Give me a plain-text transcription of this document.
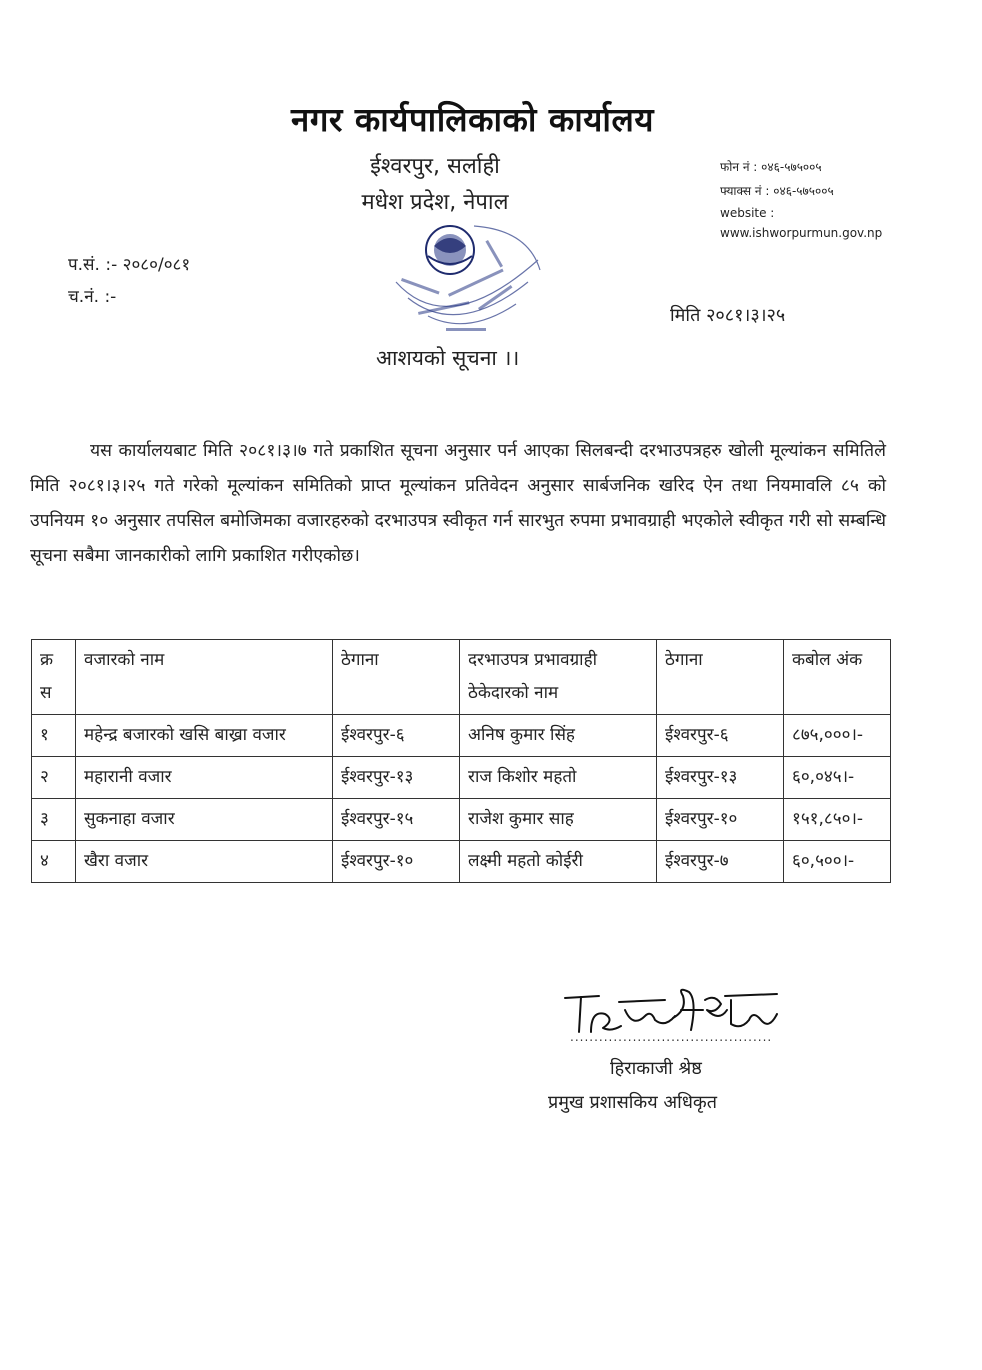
नगर कार्यपालिकाको कार्यालय
ईश्वरपुर, सर्लाही
मधेश प्रदेश, नेपाल
फोन नं : ०४६-५७५००५
फ्याक्स नं : ०४६-५७५००५
website :
www.ishworpurmun.gov.np
प.सं. :- २०८०/०८१
च.नं. :-
मिति २०८१।३।२५
आशयको सूचना ।।
यस कार्यालयबाट मिति २०८१।३।७ गते प्रकाशित सूचना अनुसार पर्न आएका सिलबन्दी दरभाउपत्रहरु खोली मूल्यांकन समितिले मिति २०८१।३।२५ गते गरेको मूल्यांकन समितिको प्राप्त मूल्यांकन प्रतिवेदन अनुसार सार्बजनिक खरिद ऐन तथा नियमावलि ८५ को उपनियम १० अनुसार तपसिल बमोजिमका वजारहरुको दरभाउपत्र स्वीकृत गर्न सारभुत रुपमा प्रभावग्राही भएकोले स्वीकृत गरी सो सम्बन्धि सूचना सबैमा जानकारीको लागि प्रकाशित गरीएकोछ।
क्र स	वजारको नाम	ठेगाना	दरभाउपत्र प्रभावग्राही ठेकेदारको नाम	ठेगाना	कबोल अंक
१	महेन्द्र बजारको खसि बाख्रा वजार	ईश्वरपुर-६	अनिष कुमार सिंह	ईश्वरपुर-६	८७५,०००।-
२	महारानी वजार	ईश्वरपुर-१३	राज किशोर महतो	ईश्वरपुर-१३	६०,०४५।-
३	सुकनाहा वजार	ईश्वरपुर-१५	राजेश कुमार साह	ईश्वरपुर-१०	१५१,८५०।-
४	खैरा वजार	ईश्वरपुर-१०	लक्ष्मी महतो कोईरी	ईश्वरपुर-७	६०,५००।-
..........................................
हिराकाजी श्रेष्ठ
प्रमुख प्रशासकिय अधिकृत
